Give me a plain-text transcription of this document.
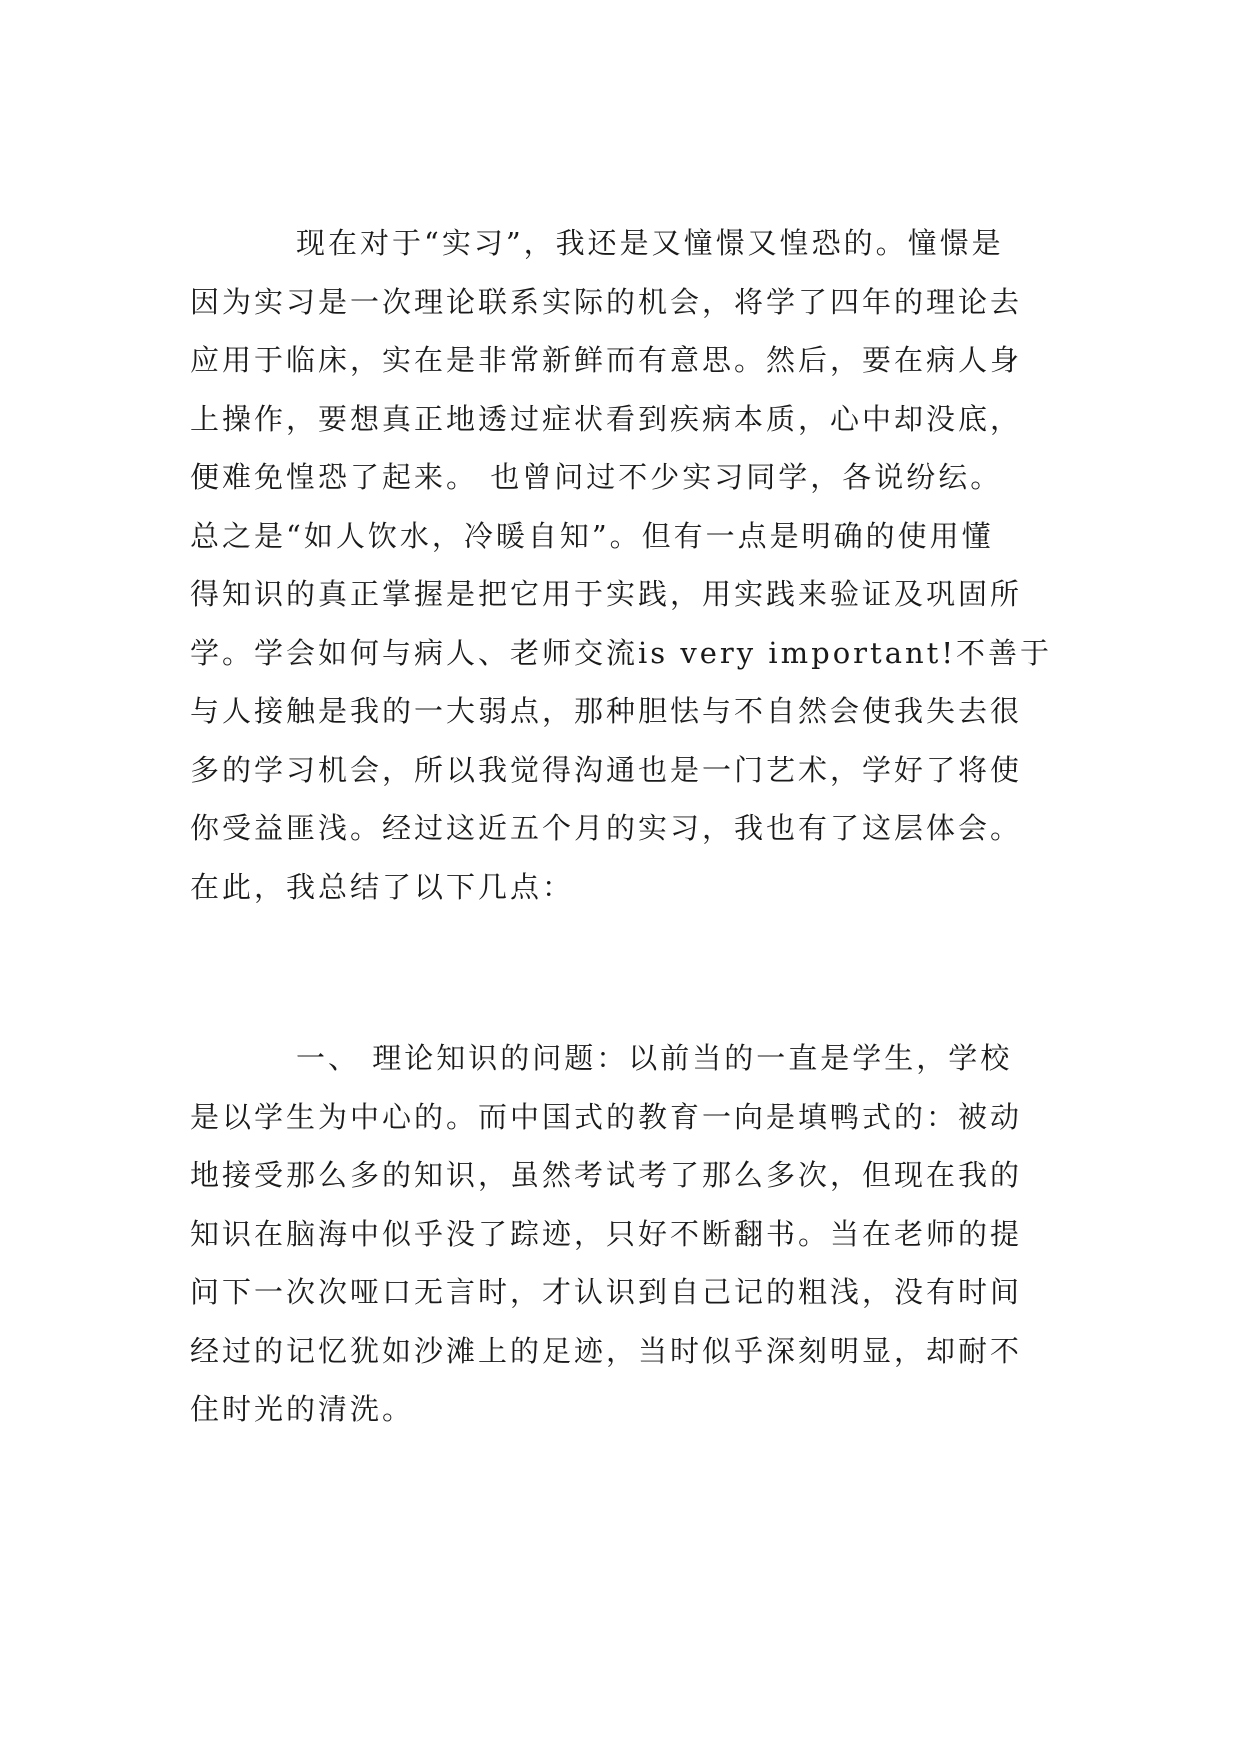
现在对于“实习”，我还是又憧憬又惶恐的。憧憬是
因为实习是一次理论联系实际的机会，将学了四年的理论去
应用于临床，实在是非常新鲜而有意思。然后，要在病人身
上操作，要想真正地透过症状看到疾病本质，心中却没底，
便难免惶恐了起来。 也曾问过不少实习同学，各说纷纭。
总之是“如人饮水，冷暖自知”。但有一点是明确的使用懂
得知识的真正掌握是把它用于实践，用实践来验证及巩固所
学。学会如何与病人、老师交流is very important!不善于
与人接触是我的一大弱点，那种胆怯与不自然会使我失去很
多的学习机会，所以我觉得沟通也是一门艺术，学好了将使
你受益匪浅。经过这近五个月的实习，我也有了这层体会。
在此，我总结了以下几点：
一、 理论知识的问题：以前当的一直是学生，学校
是以学生为中心的。而中国式的教育一向是填鸭式的：被动
地接受那么多的知识，虽然考试考了那么多次，但现在我的
知识在脑海中似乎没了踪迹，只好不断翻书。当在老师的提
问下一次次哑口无言时，才认识到自己记的粗浅，没有时间
经过的记忆犹如沙滩上的足迹，当时似乎深刻明显，却耐不
住时光的清洗。
